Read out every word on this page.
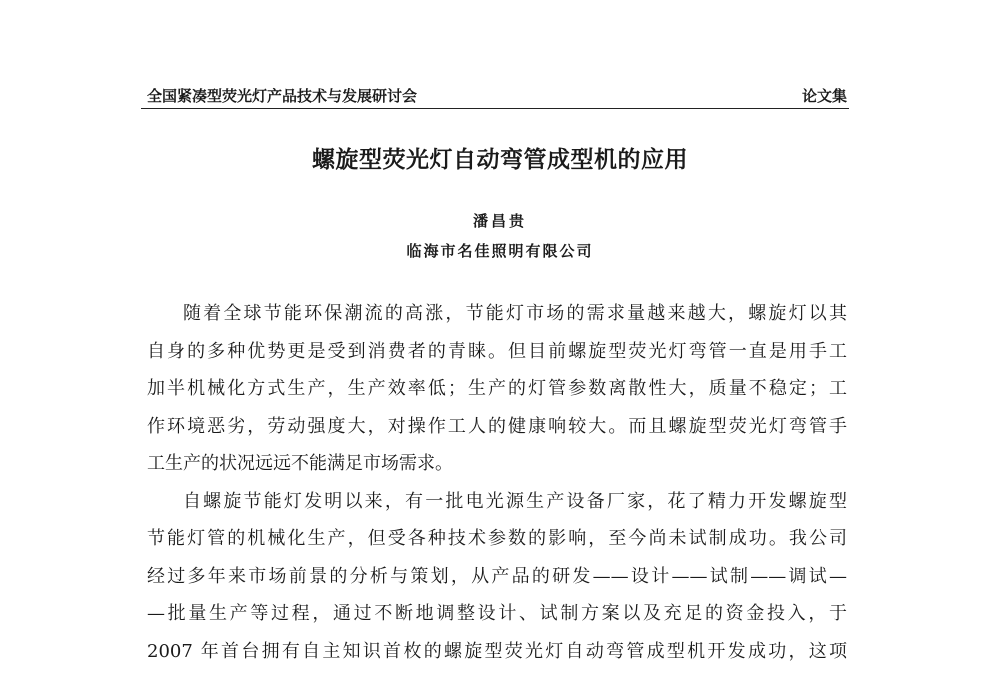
全国紧凑型荧光灯产品技术与发展研讨会	论文集
螺旋型荧光灯自动弯管成型机的应用
潘昌贵
临海市名佳照明有限公司
随着全球节能环保潮流的高涨，节能灯市场的需求量越来越大，螺旋灯以其
自身的多种优势更是受到消费者的青睐。但目前螺旋型荧光灯弯管一直是用手工
加半机械化方式生产，生产效率低；生产的灯管参数离散性大，质量不稳定；工
作环境恶劣，劳动强度大，对操作工人的健康响较大。而且螺旋型荧光灯弯管手
工生产的状况远远不能满足市场需求。
自螺旋节能灯发明以来，有一批电光源生产设备厂家，花了精力开发螺旋型
节能灯管的机械化生产，但受各种技术参数的影响，至今尚未试制成功。我公司
经过多年来市场前景的分析与策划，从产品的研发——设计——试制——调试—
—批量生产等过程，通过不断地调整设计、试制方案以及充足的资金投入，于
2007 年首台拥有自主知识首枚的螺旋型荧光灯自动弯管成型机开发成功，这项
